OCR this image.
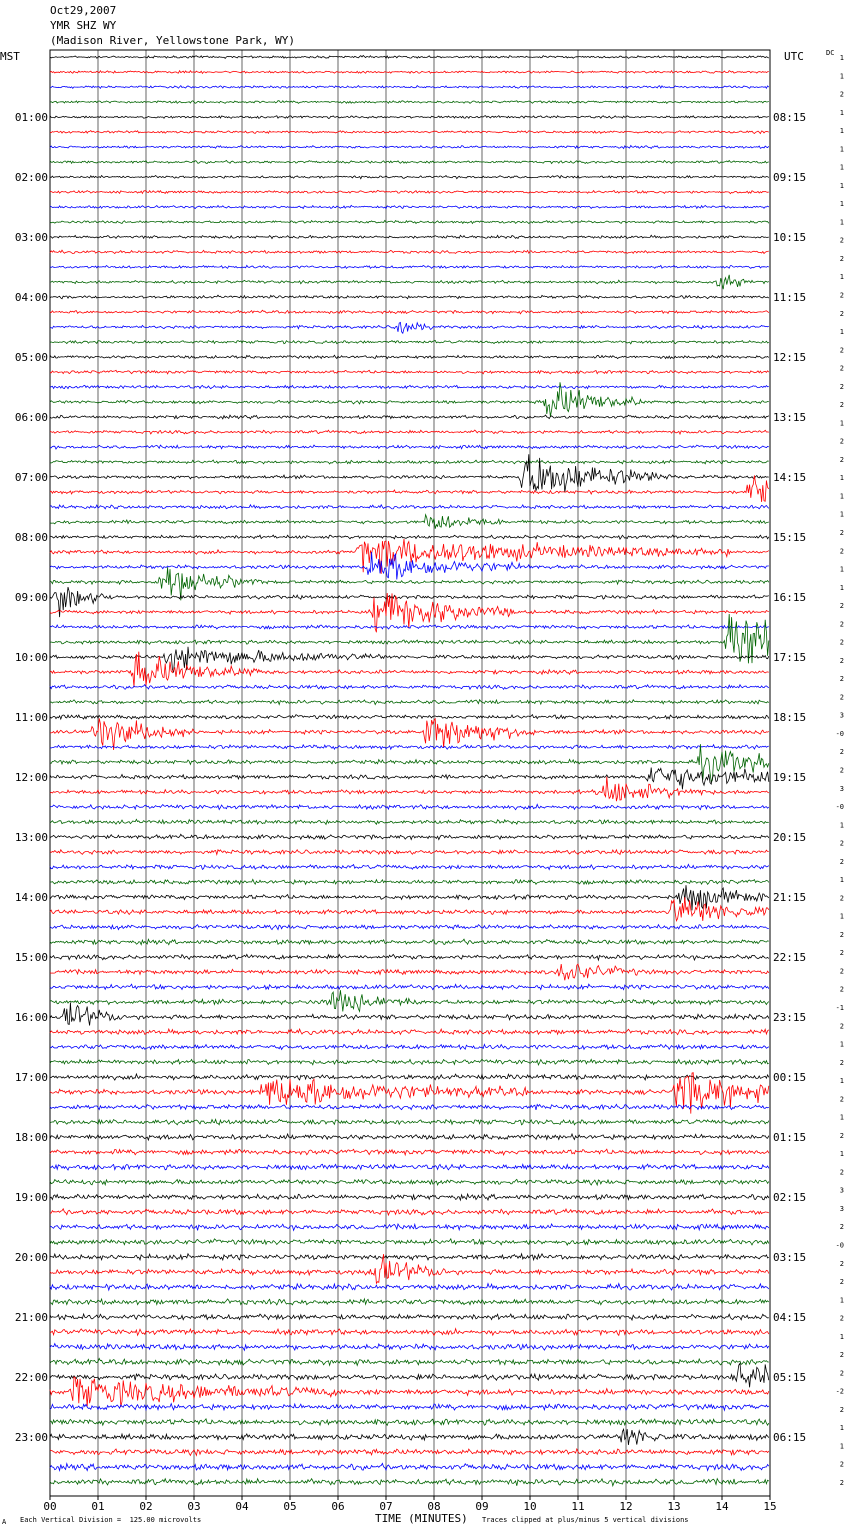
01:00
02:00
03:00
04:00
05:00
06:00
07:00
08:00
09:00
10:00
11:00
12:00
13:00
14:00
15:00
16:00
17:00
18:00
19:00
20:00
21:00
22:00
23:00
08:15
09:15
10:15
11:15
12:15
13:15
14:15
15:15
16:15
17:15
18:15
19:15
20:15
21:15
22:15
23:15
00:15
01:15
02:15
03:15
04:15
05:15
06:15
1
1
2
1
1
1
1
1
1
1
2
2
1
2
2
1
2
2
2
2
1
2
2
1
1
1
2
2
1
1
2
2
2
2
2
2
3
-0
2
2
3
-0
1
2
2
1
2
1
2
2
2
2
-1
2
1
2
1
2
1
2
1
2
3
3
2
-0
2
2
1
2
1
2
2
-2
2
1
1
2
2
00	01	02	03	04	05	06	07	08	09	10	11	12	13	14	15
Oct29,2007
YMR SHZ WY
(Madison River, Yellowstone Park, WY)
MST	UTC	DC
TIME (MINUTES)
A Each Vertical Division =  125.00 microvolts	Traces clipped at plus/minus 5 vertical divisions
